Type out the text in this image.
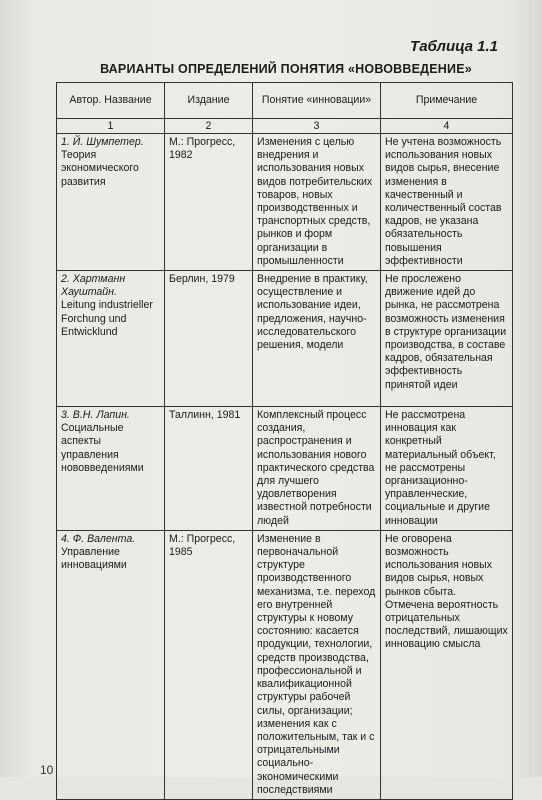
Таблица 1.1
ВАРИАНТЫ ОПРЕДЕЛЕНИЙ ПОНЯТИЯ «НОВОВВЕДЕНИЕ»
Автор. Название	Издание	Понятие «инновации»	Примечание
1	2	3	4

1. Й. Шумпетер.
Теория экономического развития	М.: Прогресс, 1982	Изменения с целью внедрения и использования новых видов потребительских товаров, новых производственных и транспортных средств, рынков и форм организации в промышленности	Не учтена возможность использования новых видов сырья, внесение изменения в качественный и количественный состав кадров, не указана обязательность повышения эффективности

2. Хартманн Хауштайн.
Leitung industrieller Forchung und Entwicklund	Берлин, 1979	Внедрение в практику, осуществление и использование идеи, предложения, научно-исследовательского решения, модели	Не прослежено движение идей до рынка, не рассмотрена возможность изменения в структуре организации производства, в составе кадров, обязательная эффективность принятой идеи

3. В.Н. Лапин.
Социальные аспекты управления нововведениями	Таллинн, 1981	Комплексный процесс создания, распространения и использования нового практического средства для лучшего удовлетворения известной потребности людей	Не рассмотрена инновация как конкретный материальный объект, не рассмотрены организационно-управленческие, социальные и другие инновации

4. Ф. Валента.
Управление инновациями	М.: Прогресс, 1985	Изменение в первоначальной структуре производственного механизма, т.е. переход его внутренней структуры к новому состоянию: касается продукции, технологии, средств производства, профессиональной и квалификационной структуры рабочей силы, организации; изменения как с положительным, так и с отрицательными социально-экономическими последствиями	Не оговорена возможность использования новых видов сырья, новых рынков сбыта. Отмечена вероятность отрицательных последствий, лишающих инновацию смысла
10
